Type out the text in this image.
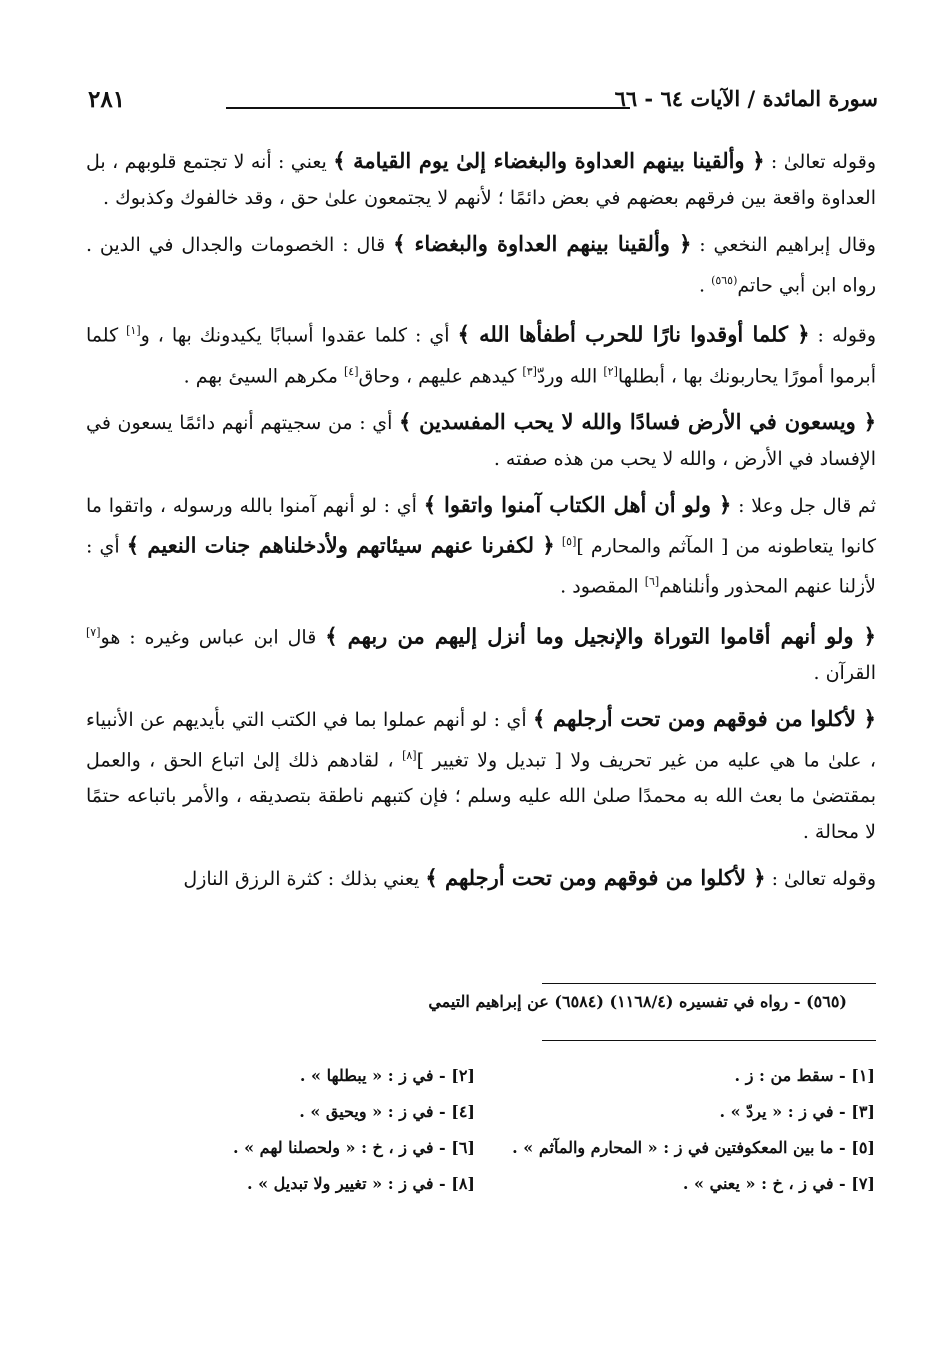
٢٨١	سورة المائدة / الآيات ٦٤ - ٦٦

وقوله تعالىٰ : ﴿ وألقينا بينهم العداوة والبغضاء إلىٰ يوم القيامة ﴾ يعني : أنه لا تجتمع قلوبهم ، بل العداوة واقعة بين فرقهم بعضهم في بعض دائمًا ؛ لأنهم لا يجتمعون علىٰ حق ، وقد خالفوك وكذبوك .

وقال إبراهيم النخعي : ﴿ وألقينا بينهم العداوة والبغضاء ﴾ قال : الخصومات والجدال في الدين . رواه ابن أبي حاتم$^{(٥٦٥)}$ .

وقوله : ﴿ كلما أوقدوا نارًا للحرب أطفأها الله ﴾ أي : كلما عقدوا أسبابًا يكيدونك بها ، و[١] كلما أبرموا أمورًا يحاربونك بها ، أبطلها[٢] الله وردّ[٣] كيدهم عليهم ، وحاق[٤] مكرهم السيئ بهم .

﴿ ويسعون في الأرض فسادًا والله لا يحب المفسدين ﴾ أي : من سجيتهم أنهم دائمًا يسعون في الإفساد في الأرض ، والله لا يحب من هذه صفته .

ثم قال جل وعلا : ﴿ ولو أن أهل الكتاب آمنوا واتقوا ﴾ أي : لو أنهم آمنوا بالله ورسوله ، واتقوا ما كانوا يتعاطونه من [ المآثم والمحارم ][٥] ﴿ لكفرنا عنهم سيئاتهم ولأدخلناهم جنات النعيم ﴾ أي : لأزلنا عنهم المحذور وأنلناهم[٦] المقصود .

﴿ ولو أنهم أقاموا التوراة والإنجيل وما أنزل إليهم من ربهم ﴾ قال ابن عباس وغيره : هو[٧] القرآن .

﴿ لأكلوا من فوقهم ومن تحت أرجلهم ﴾ أي : لو أنهم عملوا بما في الكتب التي بأيديهم عن الأنبياء ، علىٰ ما هي عليه من غير تحريف ولا [ تبديل ولا تغيير ][٨] ، لقادهم ذلك إلىٰ اتباع الحق ، والعمل بمقتضىٰ ما بعث الله به محمدًا صلىٰ الله عليه وسلم ؛ فإن كتبهم ناطقة بتصديقه ، والأمر باتباعه حتمًا لا محالة .

وقوله تعالىٰ : ﴿ لأكلوا من فوقهم ومن تحت أرجلهم ﴾ يعني بذلك : كثرة الرزق النازل

(٥٦٥) - رواه في تفسيره (١١٦٨/٤) (٦٥٨٤) عن إبراهيم التيمي
[١] - سقط من : ز .
[٢] - في ز : « يبطلها » .
[٣] - في ز : « يردّ » .
[٤] - في ز : « ويحيق » .
[٥] - ما بين المعكوفتين في ز : « المحارم والمآثم » .
[٦] - في ز ، خ : « ولحصلنا لهم » .
[٧] - في ز ، خ : « يعني » .
[٨] - في ز : « تغيير ولا تبديل » .
